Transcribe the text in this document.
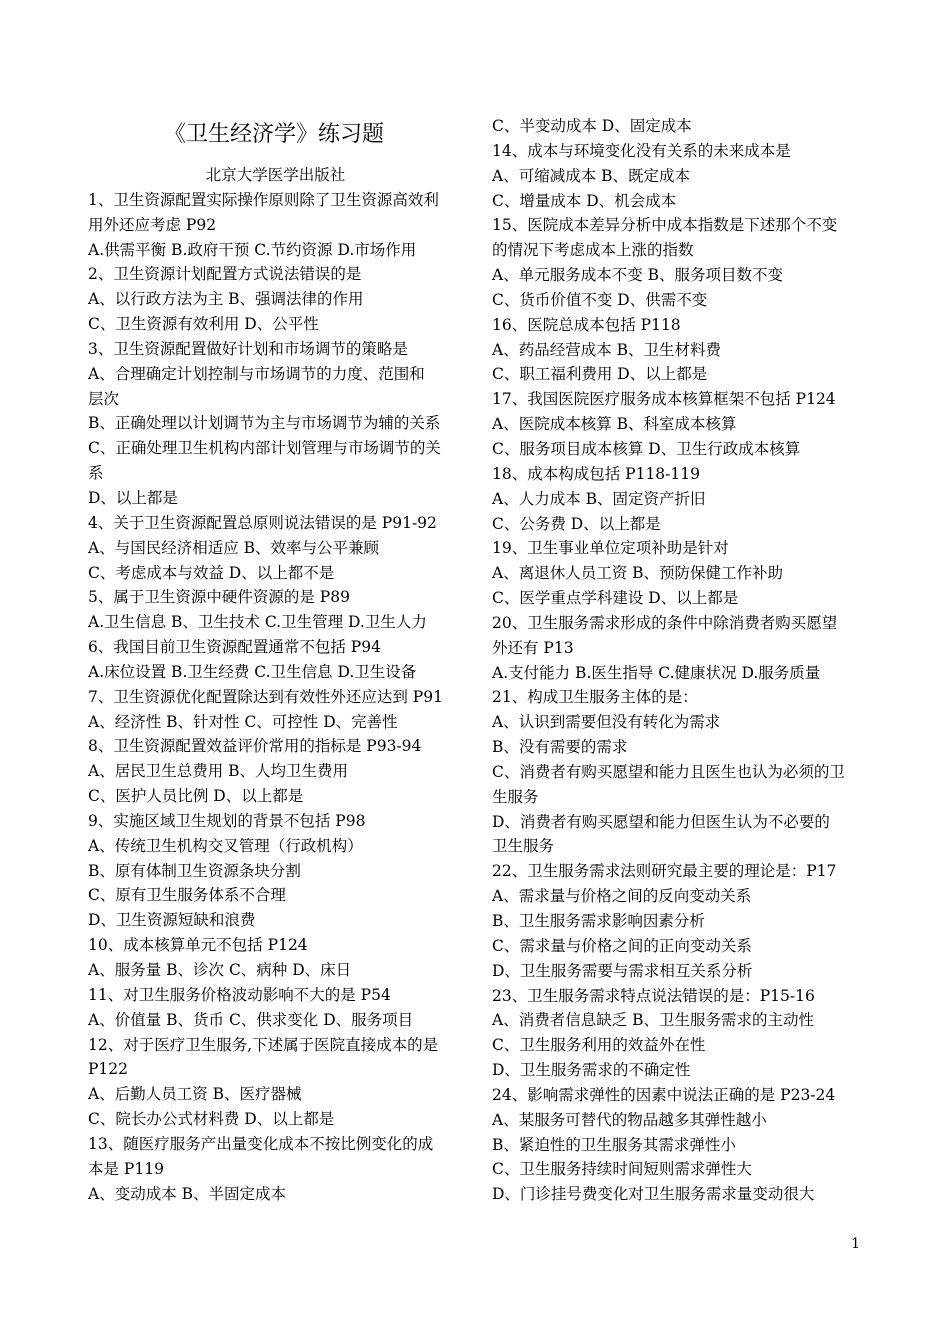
《卫生经济学》练习题
北京大学医学出版社
1、卫生资源配置实际操作原则除了卫生资源高效利
用外还应考虑 P92
A.供需平衡 B.政府干预 C.节约资源 D.市场作用
2、卫生资源计划配置方式说法错误的是
A、以行政方法为主 B、强调法律的作用
C、卫生资源有效利用 D、公平性
3、卫生资源配置做好计划和市场调节的策略是
A、合理确定计划控制与市场调节的力度、范围和
层次
B、正确处理以计划调节为主与市场调节为辅的关系
C、正确处理卫生机构内部计划管理与市场调节的关
系
D、以上都是
4、关于卫生资源配置总原则说法错误的是 P91-92
A、与国民经济相适应 B、效率与公平兼顾
C、考虑成本与效益 D、以上都不是
5、属于卫生资源中硬件资源的是 P89
A.卫生信息 B、卫生技术 C.卫生管理 D.卫生人力
6、我国目前卫生资源配置通常不包括 P94
A.床位设置 B.卫生经费 C.卫生信息 D.卫生设备
7、卫生资源优化配置除达到有效性外还应达到 P91
A、经济性 B、针对性 C、可控性 D、完善性
8、卫生资源配置效益评价常用的指标是 P93-94
A、居民卫生总费用 B、人均卫生费用
C、医护人员比例 D、以上都是
9、实施区域卫生规划的背景不包括 P98
A、传统卫生机构交叉管理（行政机构）
B、原有体制卫生资源条块分割
C、原有卫生服务体系不合理
D、卫生资源短缺和浪费
10、成本核算单元不包括 P124
A、服务量 B、诊次 C、病种 D、床日
11、对卫生服务价格波动影响不大的是 P54
A、价值量 B、货币 C、供求变化 D、服务项目
12、对于医疗卫生服务,下述属于医院直接成本的是
P122
A、后勤人员工资 B、医疗器械
C、院长办公式材料费 D、以上都是
13、随医疗服务产出量变化成本不按比例变化的成
本是 P119
A、变动成本 B、半固定成本
C、半变动成本 D、固定成本
14、成本与环境变化没有关系的未来成本是
A、可缩减成本 B、既定成本
C、增量成本 D、机会成本
15、医院成本差异分析中成本指数是下述那个不变
的情况下考虑成本上涨的指数
A、单元服务成本不变 B、服务项目数不变
C、货币价值不变 D、供需不变
16、医院总成本包括 P118
A、药品经营成本 B、卫生材料费
C、职工福利费用 D、以上都是
17、我国医院医疗服务成本核算框架不包括 P124
A、医院成本核算 B、科室成本核算
C、服务项目成本核算 D、卫生行政成本核算
18、成本构成包括 P118-119
A、人力成本 B、固定资产折旧
C、公务费 D、以上都是
19、卫生事业单位定项补助是针对
A、离退休人员工资 B、预防保健工作补助
C、医学重点学科建设 D、以上都是
20、卫生服务需求形成的条件中除消费者购买愿望
外还有 P13
A.支付能力 B.医生指导 C.健康状况 D.服务质量
21、构成卫生服务主体的是：
A、认识到需要但没有转化为需求
B、没有需要的需求
C、消费者有购买愿望和能力且医生也认为必须的卫
生服务
D、消费者有购买愿望和能力但医生认为不必要的
卫生服务
22、卫生服务需求法则研究最主要的理论是：P17
A、需求量与价格之间的反向变动关系
B、卫生服务需求影响因素分析
C、需求量与价格之间的正向变动关系
D、卫生服务需要与需求相互关系分析
23、卫生服务需求特点说法错误的是：P15-16
A、消费者信息缺乏 B、卫生服务需求的主动性
C、卫生服务利用的效益外在性
D、卫生服务需求的不确定性
24、影响需求弹性的因素中说法正确的是 P23-24
A、某服务可替代的物品越多其弹性越小
B、紧迫性的卫生服务其需求弹性小
C、卫生服务持续时间短则需求弹性大
D、门诊挂号费变化对卫生服务需求量变动很大
1
